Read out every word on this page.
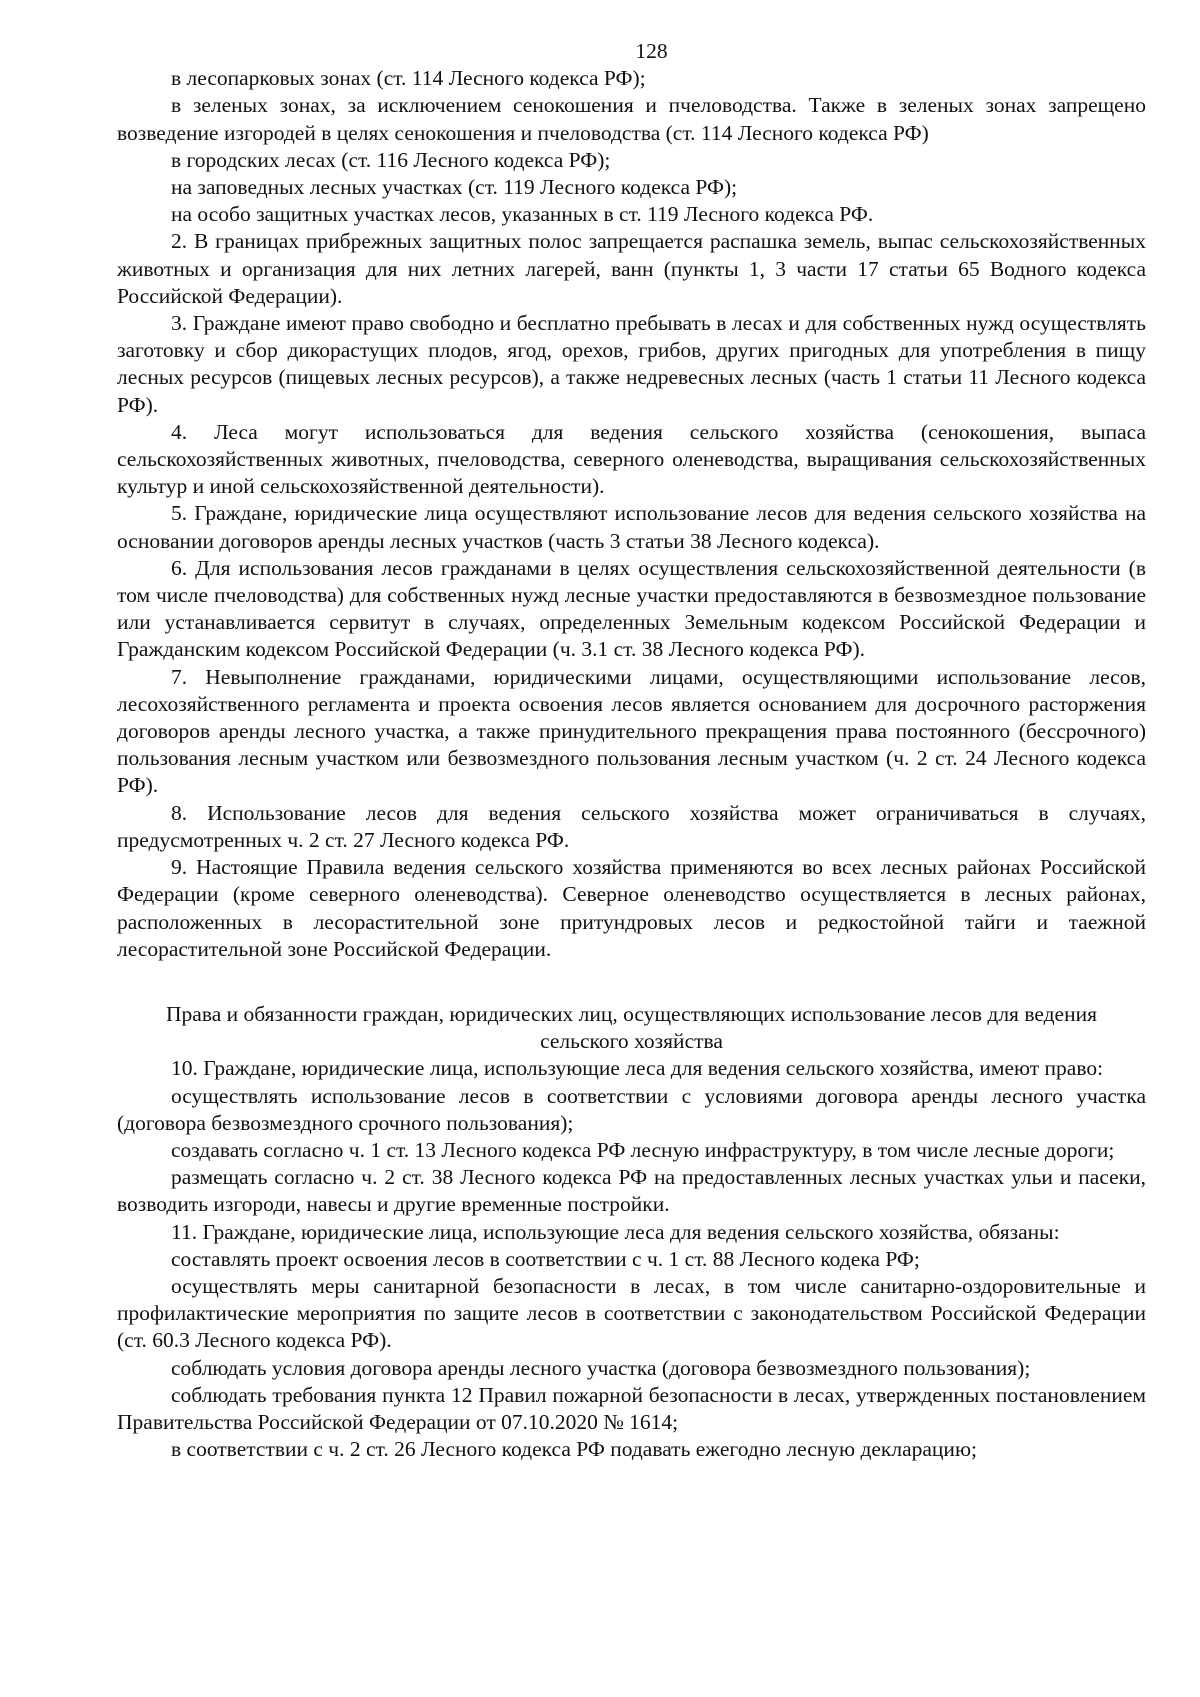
128

в лесопарковых зонах (ст. 114 Лесного кодекса РФ);

в зеленых зонах, за исключением сенокошения и пчеловодства. Также в зеленых зонах запрещено возведение изгородей в целях сенокошения и пчеловодства (ст. 114 Лесного кодекса РФ)

в городских лесах (ст. 116 Лесного кодекса РФ);

на заповедных лесных участках (ст. 119 Лесного кодекса РФ);

на особо защитных участках лесов, указанных в ст. 119 Лесного кодекса РФ.

2. В границах прибрежных защитных полос запрещается распашка земель, выпас сельскохозяйственных животных и организация для них летних лагерей, ванн (пункты 1, 3 части 17 статьи 65 Водного кодекса Российской Федерации).

3. Граждане имеют право свободно и бесплатно пребывать в лесах и для собственных нужд осуществлять заготовку и сбор дикорастущих плодов, ягод, орехов, грибов, других пригодных для употребления в пищу лесных ресурсов (пищевых лесных ресурсов), а также недревесных лесных (часть 1 статьи 11 Лесного кодекса РФ).

4. Леса могут использоваться для ведения сельского хозяйства (сенокошения, выпаса сельскохозяйственных животных, пчеловодства, северного оленеводства, выращивания сельскохозяйственных культур и иной сельскохозяйственной деятельности).

5. Граждане, юридические лица осуществляют использование лесов для ведения сельского хозяйства на основании договоров аренды лесных участков (часть 3 статьи 38 Лесного кодекса).

6. Для использования лесов гражданами в целях осуществления сельскохозяйственной деятельности (в том числе пчеловодства) для собственных нужд лесные участки предоставляются в безвозмездное пользование или устанавливается сервитут в случаях, определенных Земельным кодексом Российской Федерации и Гражданским кодексом Российской Федерации (ч. 3.1 ст. 38 Лесного кодекса РФ).

7. Невыполнение гражданами, юридическими лицами, осуществляющими использование лесов, лесохозяйственного регламента и проекта освоения лесов является основанием для досрочного расторжения договоров аренды лесного участка, а также принудительного прекращения права постоянного (бессрочного) пользования лесным участком или безвозмездного пользования лесным участком (ч. 2 ст. 24 Лесного кодекса РФ).

8. Использование лесов для ведения сельского хозяйства может ограничиваться в случаях, предусмотренных ч. 2 ст. 27 Лесного кодекса РФ.

9. Настоящие Правила ведения сельского хозяйства применяются во всех лесных районах Российской Федерации (кроме северного оленеводства). Северное оленеводство осуществляется в лесных районах, расположенных в лесорастительной зоне притундровых лесов и редкостойной тайги и таежной лесорастительной зоне Российской Федерации.

Права и обязанности граждан, юридических лиц, осуществляющих использование лесов для ведения сельского хозяйства

10. Граждане, юридические лица, использующие леса для ведения сельского хозяйства, имеют право:

осуществлять использование лесов в соответствии с условиями договора аренды лесного участка (договора безвозмездного срочного пользования);

создавать согласно ч. 1 ст. 13 Лесного кодекса РФ лесную инфраструктуру, в том числе лесные дороги;

размещать согласно ч. 2 ст. 38 Лесного кодекса РФ на предоставленных лесных участках ульи и пасеки, возводить изгороди, навесы и другие временные постройки.

11. Граждане, юридические лица, использующие леса для ведения сельского хозяйства, обязаны:

составлять проект освоения лесов в соответствии с ч. 1 ст. 88 Лесного кодека РФ;

осуществлять меры санитарной безопасности в лесах, в том числе санитарно-оздоровительные и профилактические мероприятия по защите лесов в соответствии с законодательством Российской Федерации (ст. 60.3 Лесного кодекса РФ).

соблюдать условия договора аренды лесного участка (договора безвозмездного пользования);

соблюдать требования пункта 12 Правил пожарной безопасности в лесах, утвержденных постановлением Правительства Российской Федерации от 07.10.2020 № 1614;

в соответствии с ч. 2 ст. 26 Лесного кодекса РФ подавать ежегодно лесную декларацию;
